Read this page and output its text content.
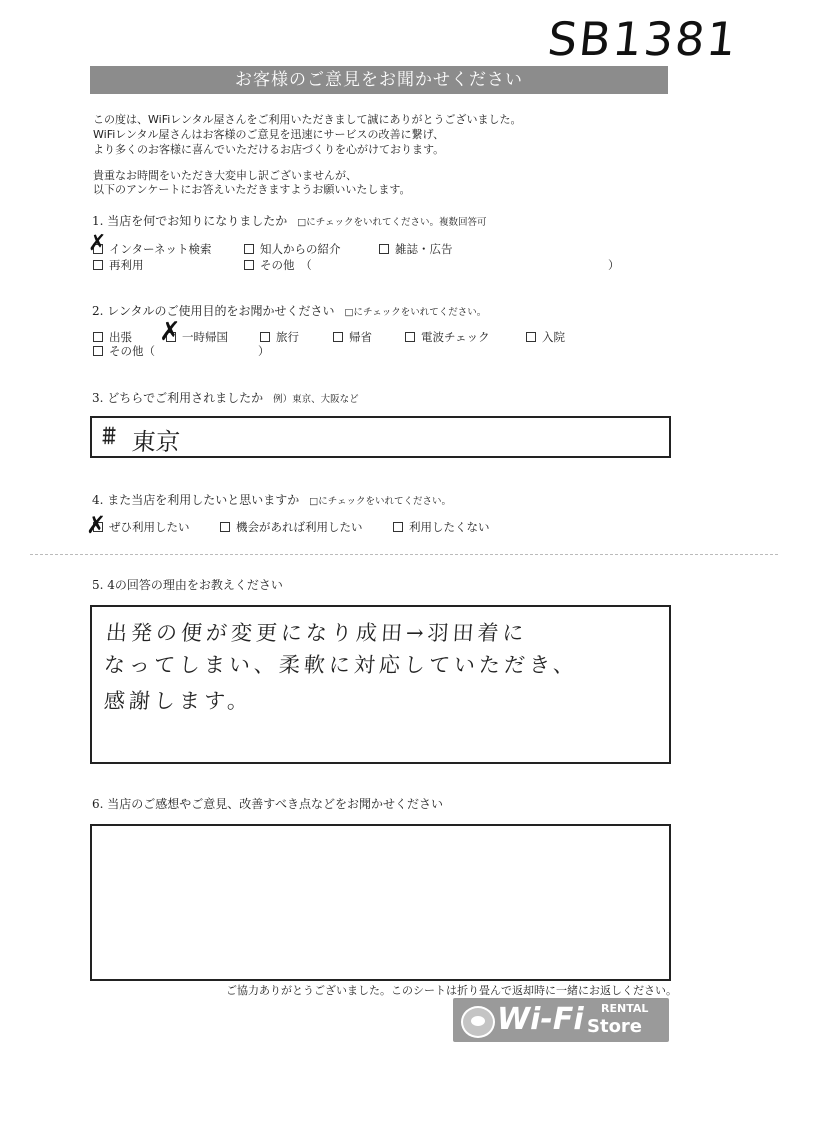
SB1381
お客様のご意見をお聞かせください
この度は、WiFiレンタル屋さんをご利用いただきまして誠にありがとうございました。
WiFiレンタル屋さんはお客様のご意見を迅速にサービスの改善に繋げ、
より多くのお客様に喜んでいただけるお店づくりを心がけております。
貴重なお時間をいただき大変申し訳ございませんが、
以下のアンケートにお答えいただきますようお願いいたします。
1. 当店を何でお知りになりましたか □にチェックをいれてください。複数回答可
✗ インターネット検索	知人からの紹介	雑誌・広告
再利用	その他　（	）
2. レンタルのご使用目的をお聞かせください □にチェックをいれてください。
出張 ✗ 一時帰国	旅行	帰省	電波チェック	入院
その他（	）
3. どちらでご利用されましたか 例）東京、大阪など
⩩ 東京
4. また当店を利用したいと思いますか □にチェックをいれてください。
✗ ぜひ利用したい	機会があれば利用したい	利用したくない
5. 4の回答の理由をお教えください
出発の便が変更になり成田→羽田着に
なってしまい、柔軟に対応していただき、
感謝します。
6. 当店のご感想やご意見、改善すべき点などをお聞かせください
ご協力ありがとうございました。このシートは折り畳んで返却時に一緒にお返しください。
Wi-Fi RENTAL
Store
